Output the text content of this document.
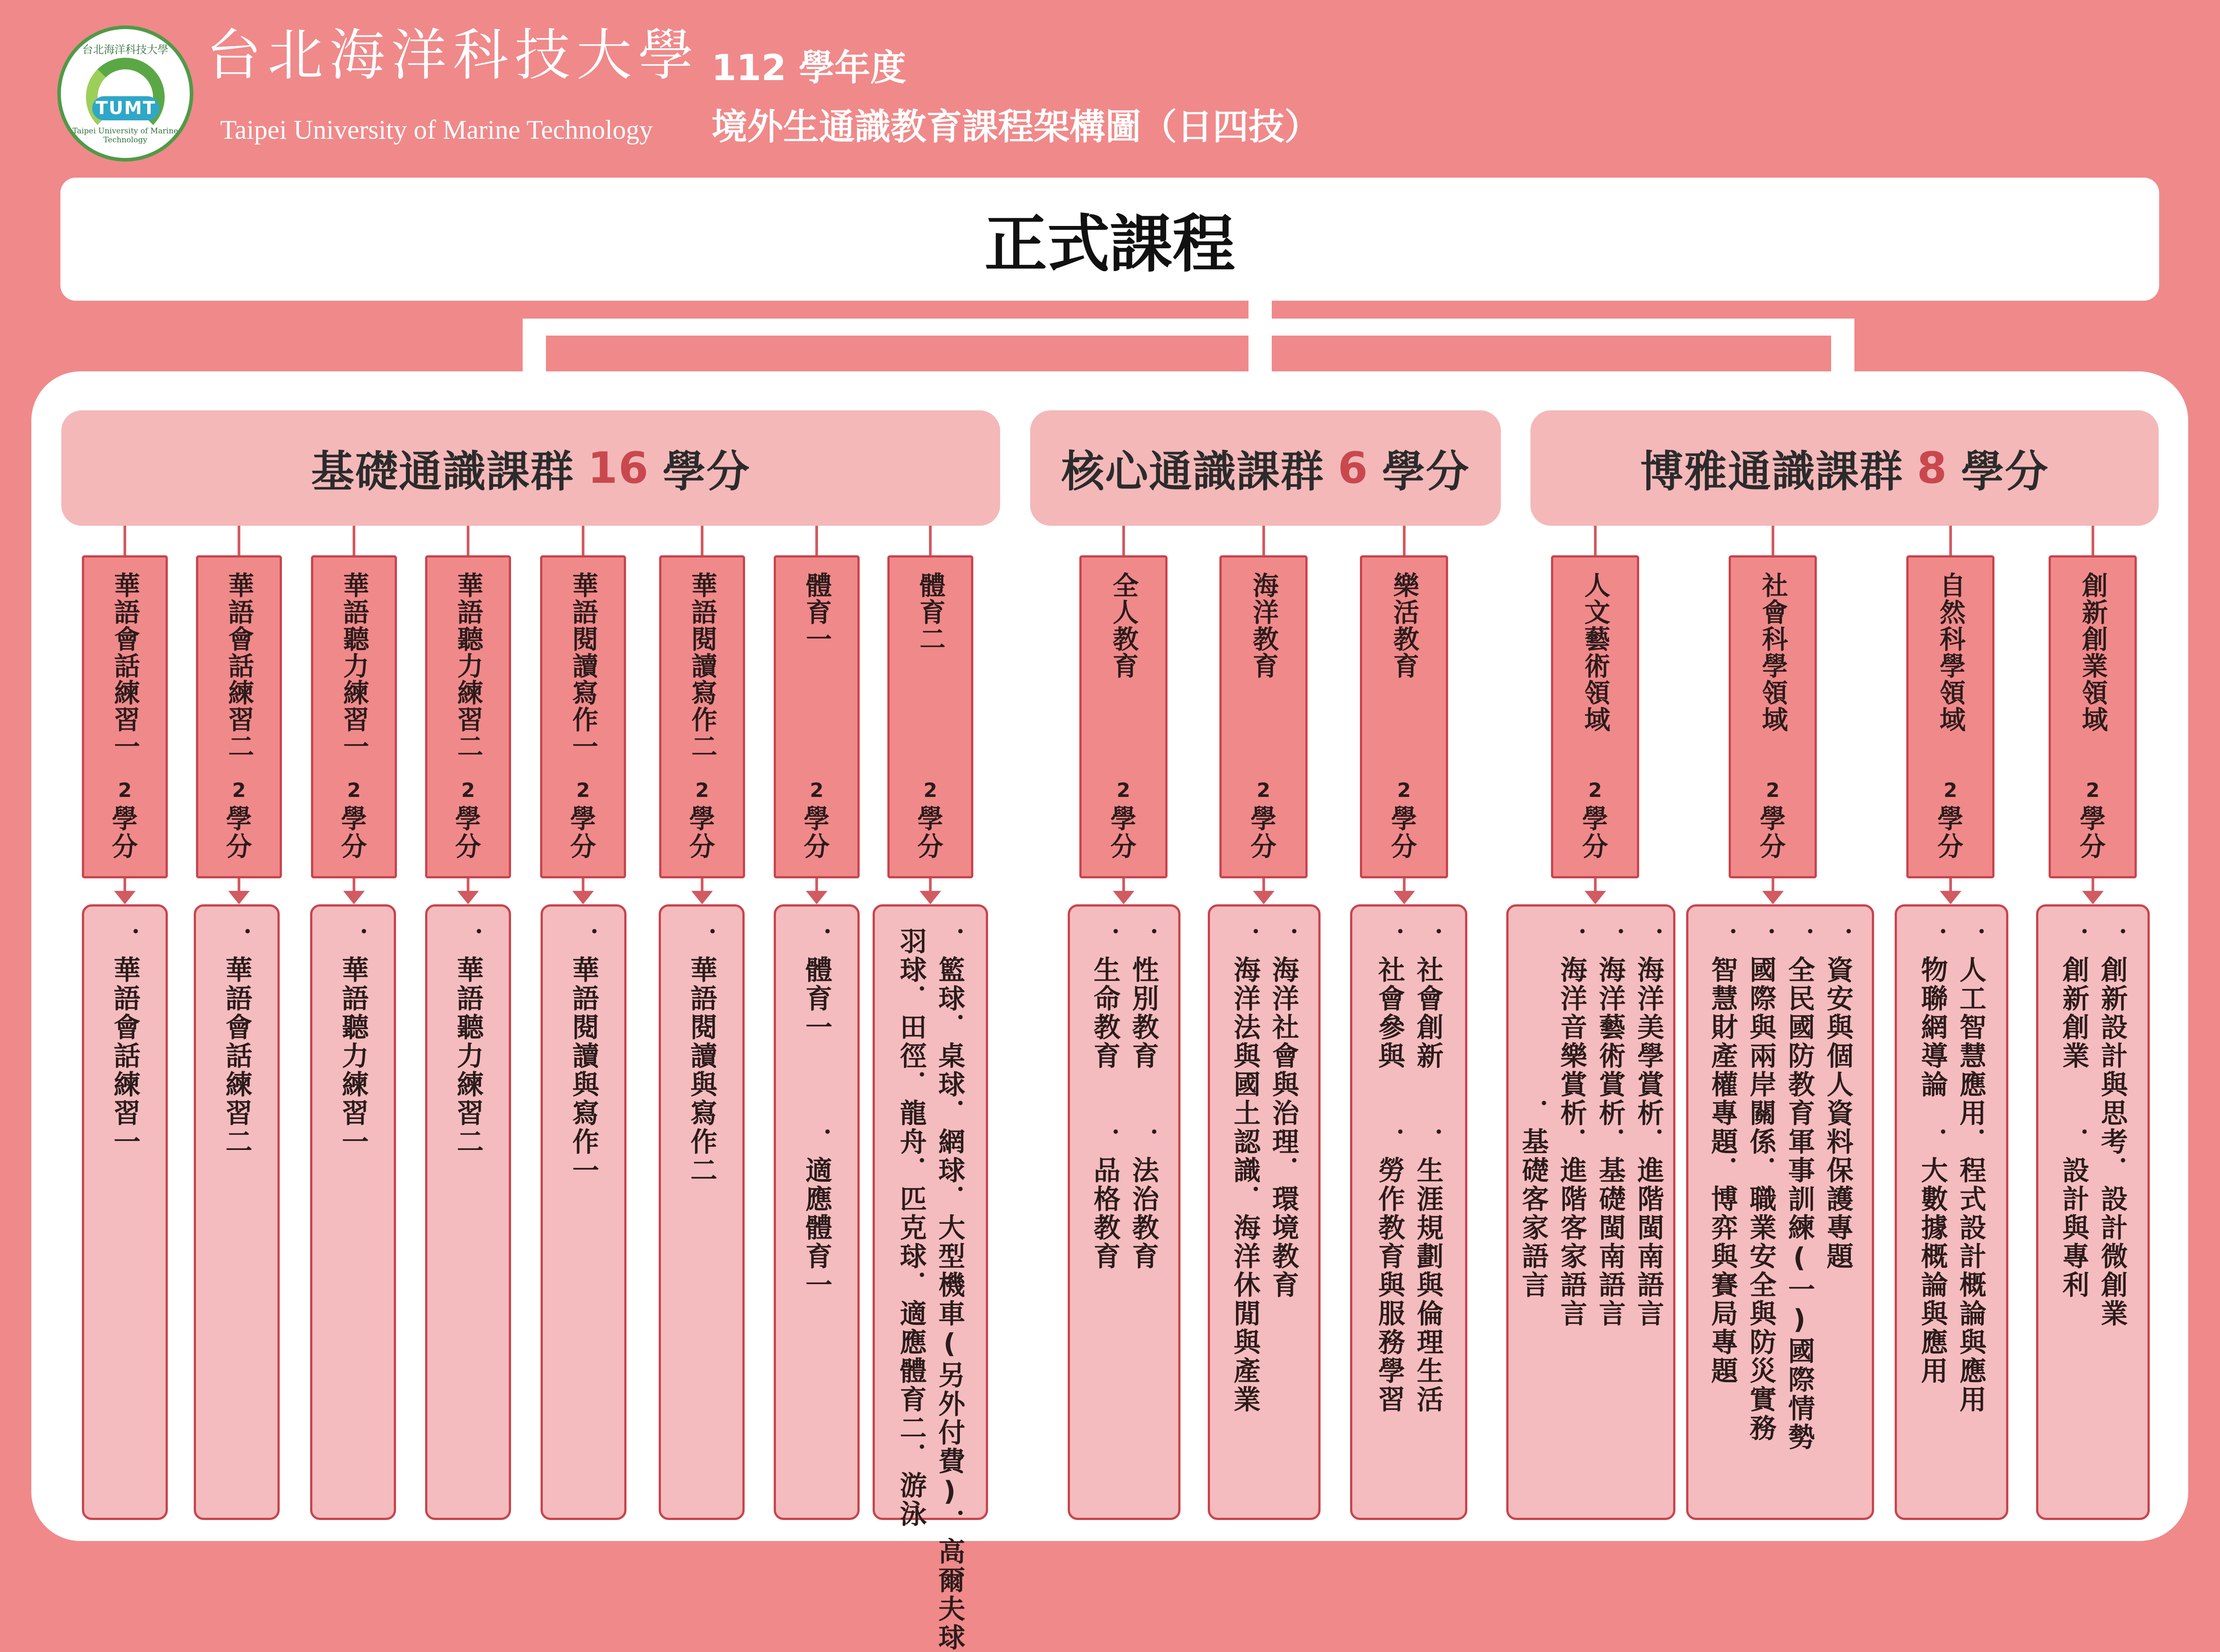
台北海洋科技大學
TUMT
Taipei University of Marine Technology
台北海洋科技大學
Taipei University of Marine Technology
112 學年度
境外生通識教育課程架構圖（日四技）
正式課程
基礎通識課群 16 學分	核心通識課群 6 學分	博雅通識課群 8 學分
華語會話練習一
2
學
分
．華語會話練習一
華語會話練習二
2
學
分
．華語會話練習二
華語聽力練習一
2
學
分
．華語聽力練習一
華語聽力練習二
2
學
分
．華語聽力練習二
華語閱讀寫作一
2
學
分
．華語閱讀與寫作一
華語閱讀寫作二
2
學
分
．華語閱讀與寫作二
體育一
2
學
分
．體育一　　　．適應體育一
體育二
2
學
分
．籃球．桌球．網球．大型機車(另外付費)．高爾夫球
羽球．田徑．龍舟．匹克球．適應體育二．游泳
全人教育
2
學
分
．性別教育　　．法治教育
．生命教育　　．品格教育
海洋教育
2
學
分
．海洋社會與治理．環境教育
．海洋法與國土認識．海洋休閒與產業
樂活教育
2
學
分
．社會創新　　．生涯規劃與倫理生活
．社會參與　　．勞作教育與服務學習
人文藝術領域
2
學
分
．海洋美學賞析．進階閩南語言
．海洋藝術賞析．基礎閩南語言
．海洋音樂賞析．進階客家語言
　　　　　　．基礎客家語言
社會科學領域
2
學
分
．資安與個人資料保護專題
．全民國防教育軍事訓練(一)國際情勢
．國際與兩岸關係．職業安全與防災實務
．智慧財產權專題．博弈與賽局專題
自然科學領域
2
學
分
．人工智慧應用．程式設計概論與應用
．物聯網導論　．大數據概論與應用
創新創業領域
2
學
分
．創新設計與思考．設計微創業
．創新創業　　．設計與專利
